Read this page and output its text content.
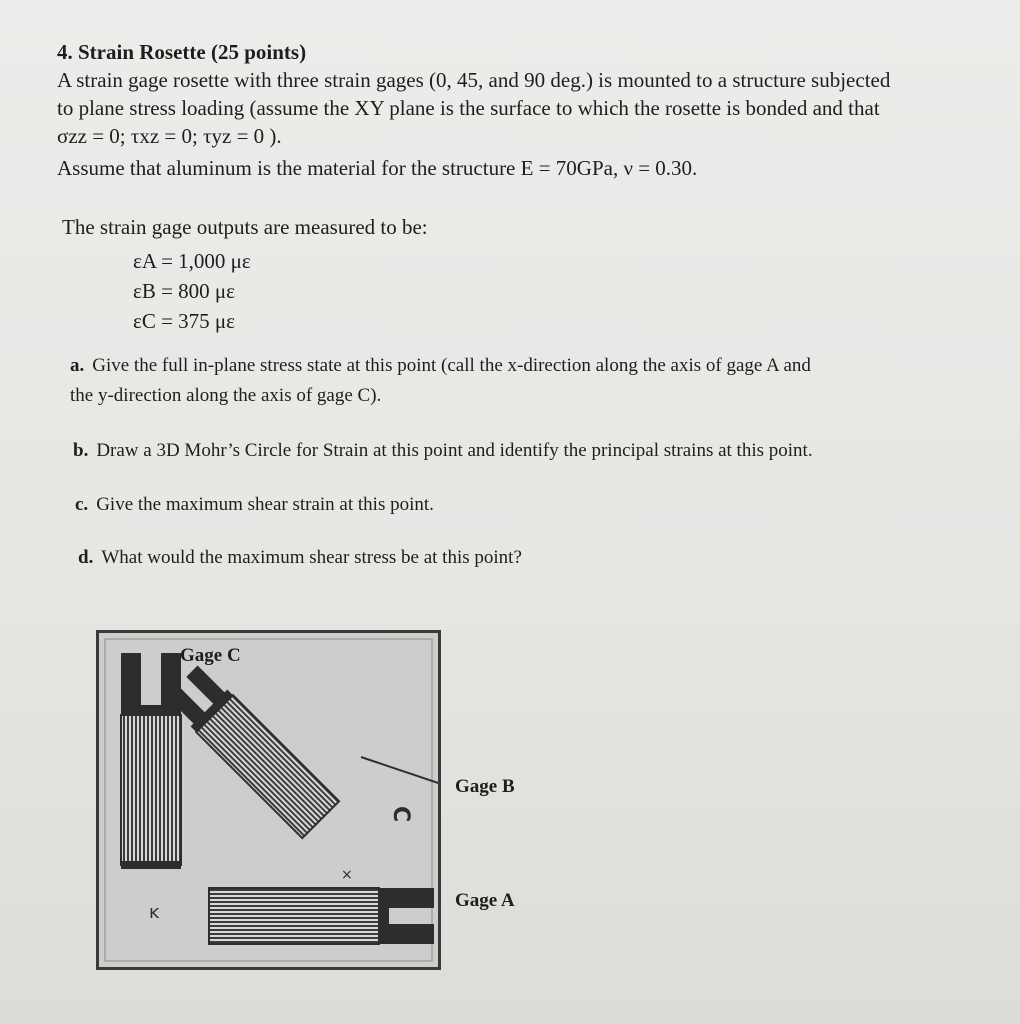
4. Strain Rosette (25 points)
A strain gage rosette with three strain gages (0, 45, and 90 deg.) is mounted to a structure subjected
to plane stress loading (assume the XY plane is the surface to which the rosette is bonded and that
σzz = 0; τxz = 0; τyz = 0 ).
Assume that aluminum is the material for the structure E = 70GPa, ν = 0.30.
The strain gage outputs are measured to be:
εA = 1,000 με
εB = 800 με
εC = 375 με
a. Give the full in-plane stress state at this point (call the x-direction along the axis of gage A and
the y-direction along the axis of gage C).
b. Draw a 3D Mohr’s Circle for Strain at this point and identify the principal strains at this point.
c. Give the maximum shear strain at this point.
d. What would the maximum shear stress be at this point?
ĸ
×
C
Gage C
Gage B
Gage A
